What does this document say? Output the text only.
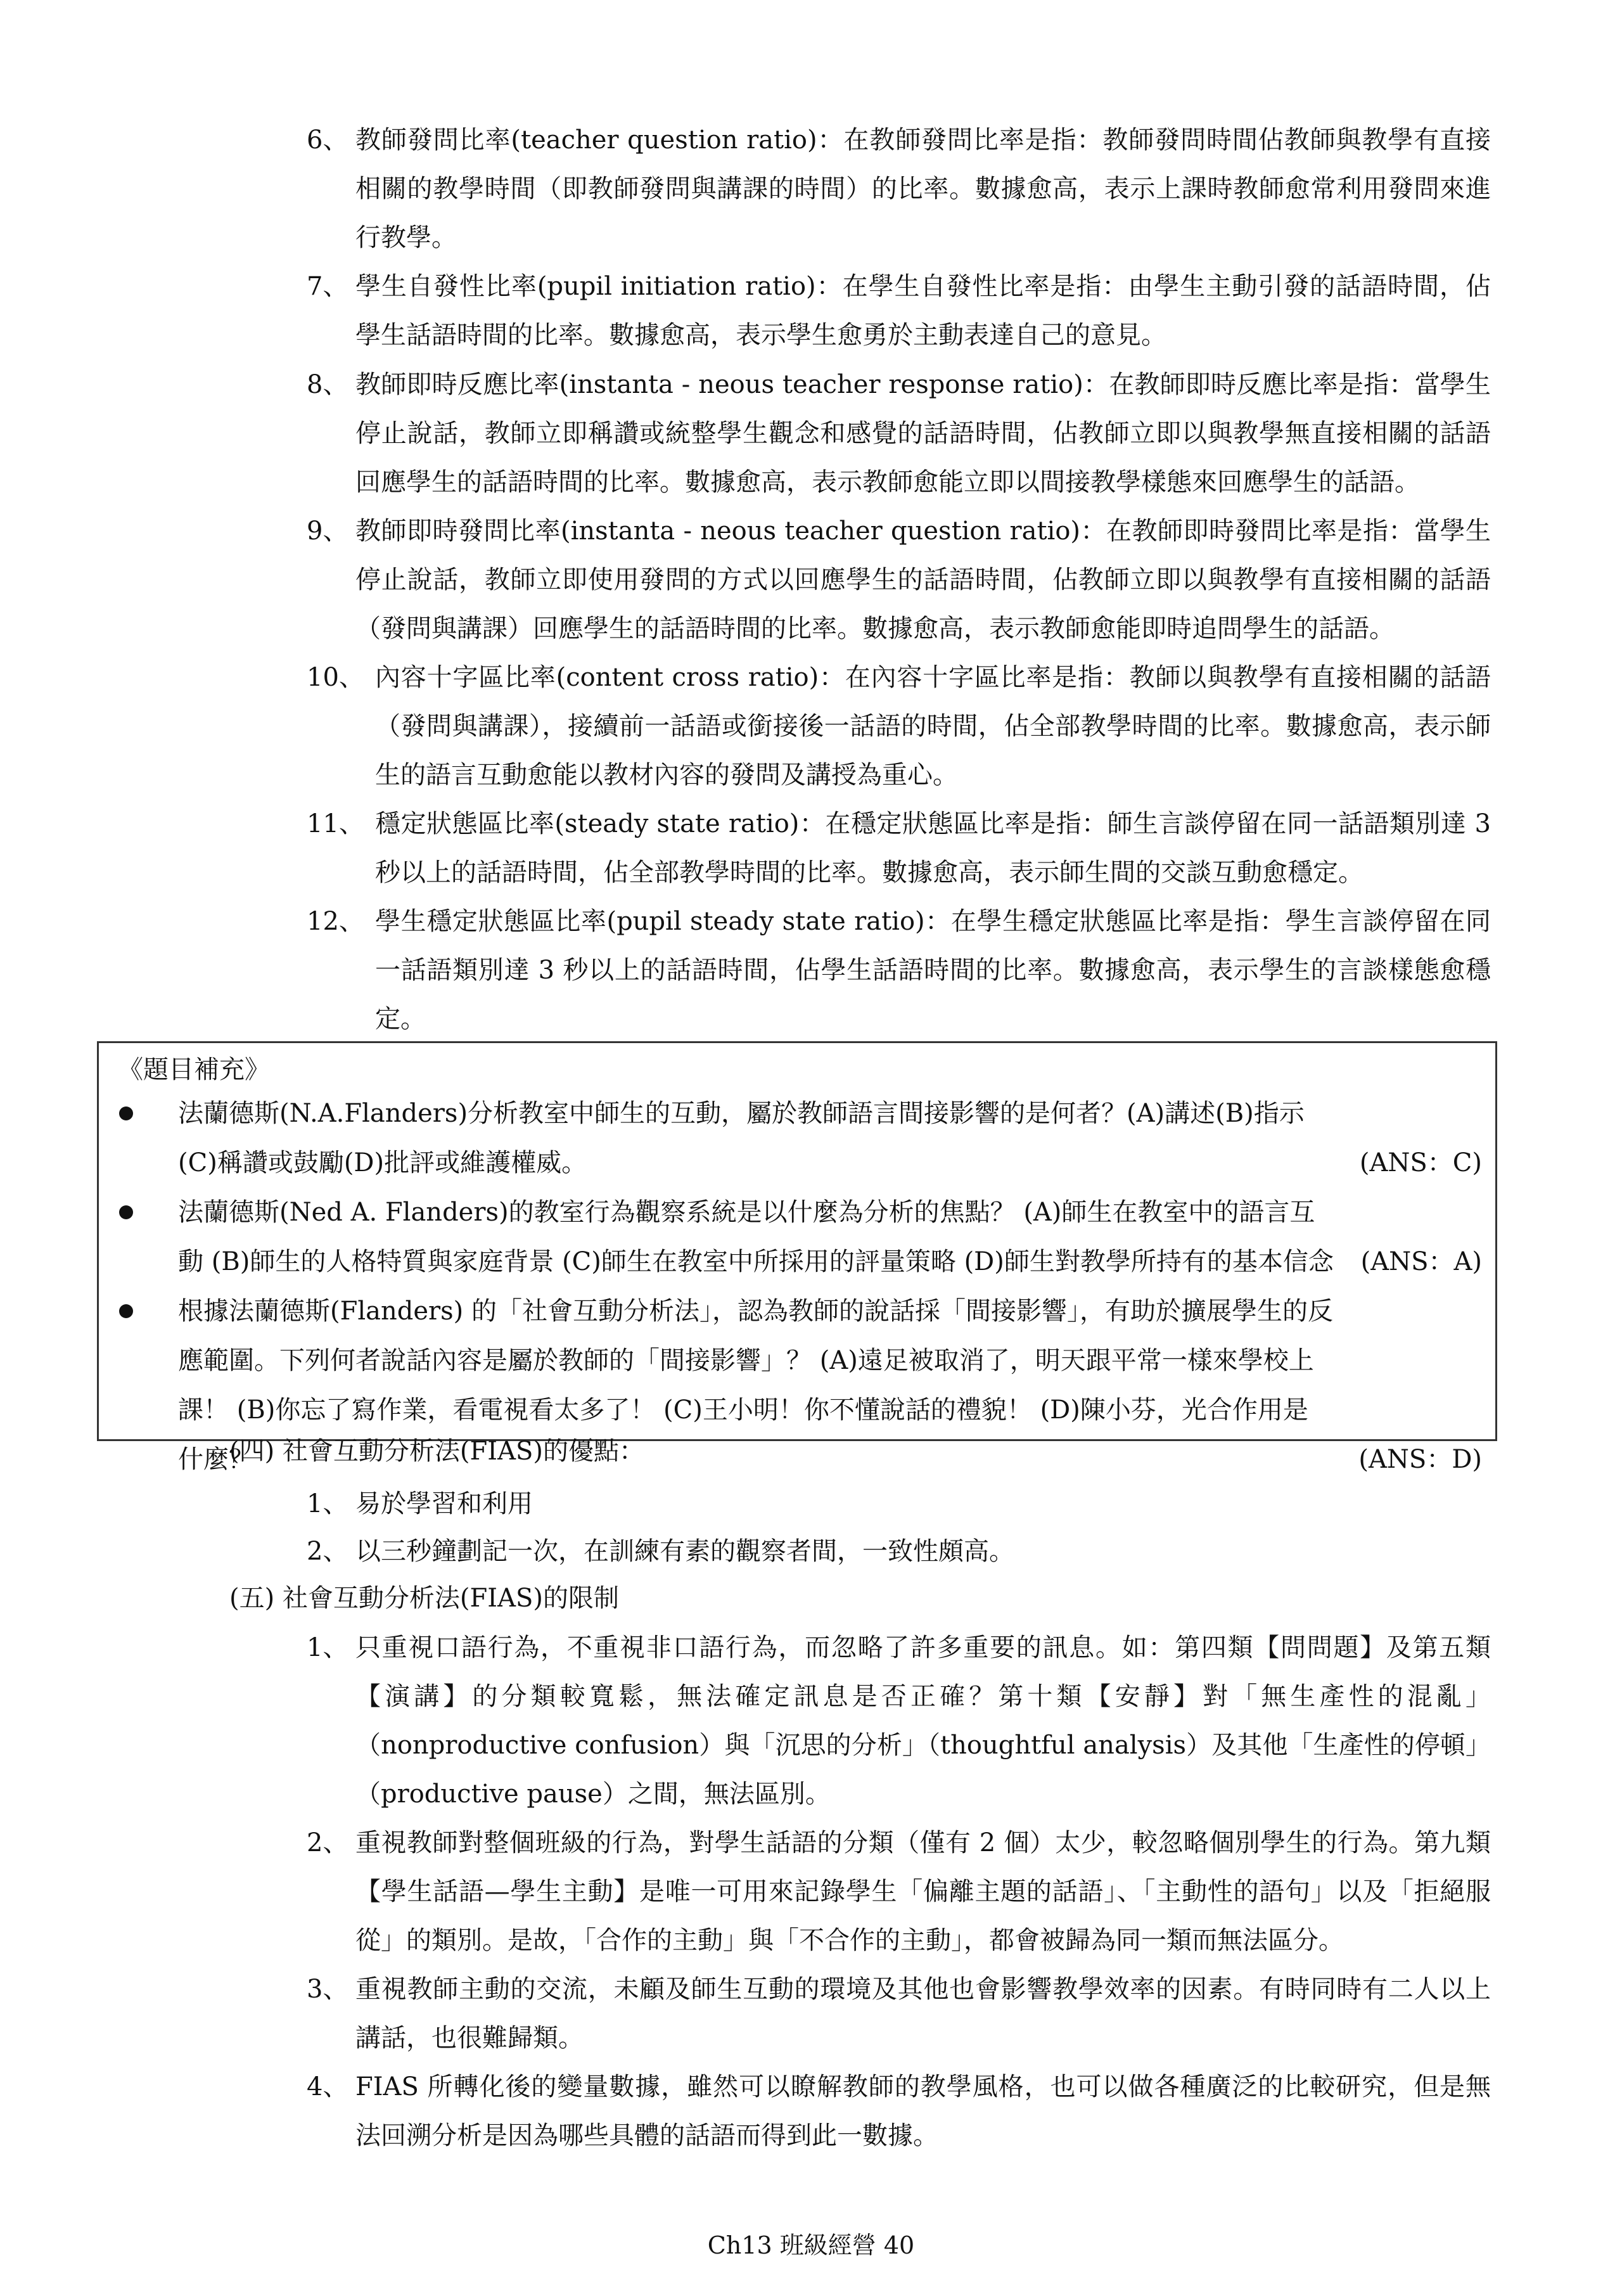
6、 教師發問比率(teacher question ratio)：在教師發問比率是指：教師發問時間佔教師與教學有直接相關的教學時間（即教師發問與講課的時間）的比率。數據愈高，表示上課時教師愈常利用發問來進行教學。
7、 學生自發性比率(pupil initiation ratio)：在學生自發性比率是指：由學生主動引發的話語時間，佔學生話語時間的比率。數據愈高，表示學生愈勇於主動表達自己的意見。
8、 教師即時反應比率(instanta - neous teacher response ratio)：在教師即時反應比率是指：當學生停止說話，教師立即稱讚或統整學生觀念和感覺的話語時間，佔教師立即以與教學無直接相關的話語回應學生的話語時間的比率。數據愈高，表示教師愈能立即以間接教學樣態來回應學生的話語。
9、 教師即時發問比率(instanta - neous teacher question ratio)：在教師即時發問比率是指：當學生停止說話，教師立即使用發問的方式以回應學生的話語時間，佔教師立即以與教學有直接相關的話語（發問與講課）回應學生的話語時間的比率。數據愈高，表示教師愈能即時追問學生的話語。
10、 內容十字區比率(content cross ratio)：在內容十字區比率是指：教師以與教學有直接相關的話語（發問與講課），接續前一話語或銜接後一話語的時間，佔全部教學時間的比率。數據愈高，表示師生的語言互動愈能以教材內容的發問及講授為重心。
11、 穩定狀態區比率(steady state ratio)：在穩定狀態區比率是指：師生言談停留在同一話語類別達 3 秒以上的話語時間，佔全部教學時間的比率。數據愈高，表示師生間的交談互動愈穩定。
12、 學生穩定狀態區比率(pupil steady state ratio)：在學生穩定狀態區比率是指：學生言談停留在同一話語類別達 3 秒以上的話語時間，佔學生話語時間的比率。數據愈高，表示學生的言談樣態愈穩定。
《題目補充》
法蘭德斯(N.A.Flanders)分析教室中師生的互動，屬於教師語言間接影響的是何者？(A)講述(B)指示(C)稱讚或鼓勵(D)批評或維護權威。	(ANS：C)
法蘭德斯(Ned A. Flanders)的教室行為觀察系統是以什麼為分析的焦點？ (A)師生在教室中的語言互動 (B)師生的人格特質與家庭背景 (C)師生在教室中所採用的評量策略 (D)師生對教學所持有的基本信念 (ANS：A)
根據法蘭德斯(Flanders) 的「社會互動分析法」，認為教師的說話採「間接影響」，有助於擴展學生的反應範圍。下列何者說話內容是屬於教師的「間接影響」？ (A)遠足被取消了，明天跟平常一樣來學校上課！ (B)你忘了寫作業，看電視看太多了！ (C)王小明！你不懂說話的禮貌！ (D)陳小芬，光合作用是什麼？	(ANS：D)
(四) 社會互動分析法(FIAS)的優點：
1、 易於學習和利用
2、 以三秒鐘劃記一次，在訓練有素的觀察者間，一致性頗高。
(五) 社會互動分析法(FIAS)的限制
1、 只重視口語行為，不重視非口語行為，而忽略了許多重要的訊息。如：第四類【問問題】及第五類【演講】的分類較寬鬆，無法確定訊息是否正確？第十類【安靜】對「無生產性的混亂」（nonproductive confusion）與「沉思的分析」（thoughtful analysis）及其他「生產性的停頓」（productive pause）之間，無法區別。
2、 重視教師對整個班級的行為，對學生話語的分類（僅有 2 個）太少，較忽略個別學生的行為。第九類【學生話語—學生主動】是唯一可用來記錄學生「偏離主題的話語」、「主動性的語句」以及「拒絕服從」的類別。是故，「合作的主動」與「不合作的主動」，都會被歸為同一類而無法區分。
3、 重視教師主動的交流，未顧及師生互動的環境及其他也會影響教學效率的因素。有時同時有二人以上講話，也很難歸類。
4、 FIAS 所轉化後的變量數據，雖然可以瞭解教師的教學風格，也可以做各種廣泛的比較研究，但是無法回溯分析是因為哪些具體的話語而得到此一數據。
Ch13 班級經營 40
